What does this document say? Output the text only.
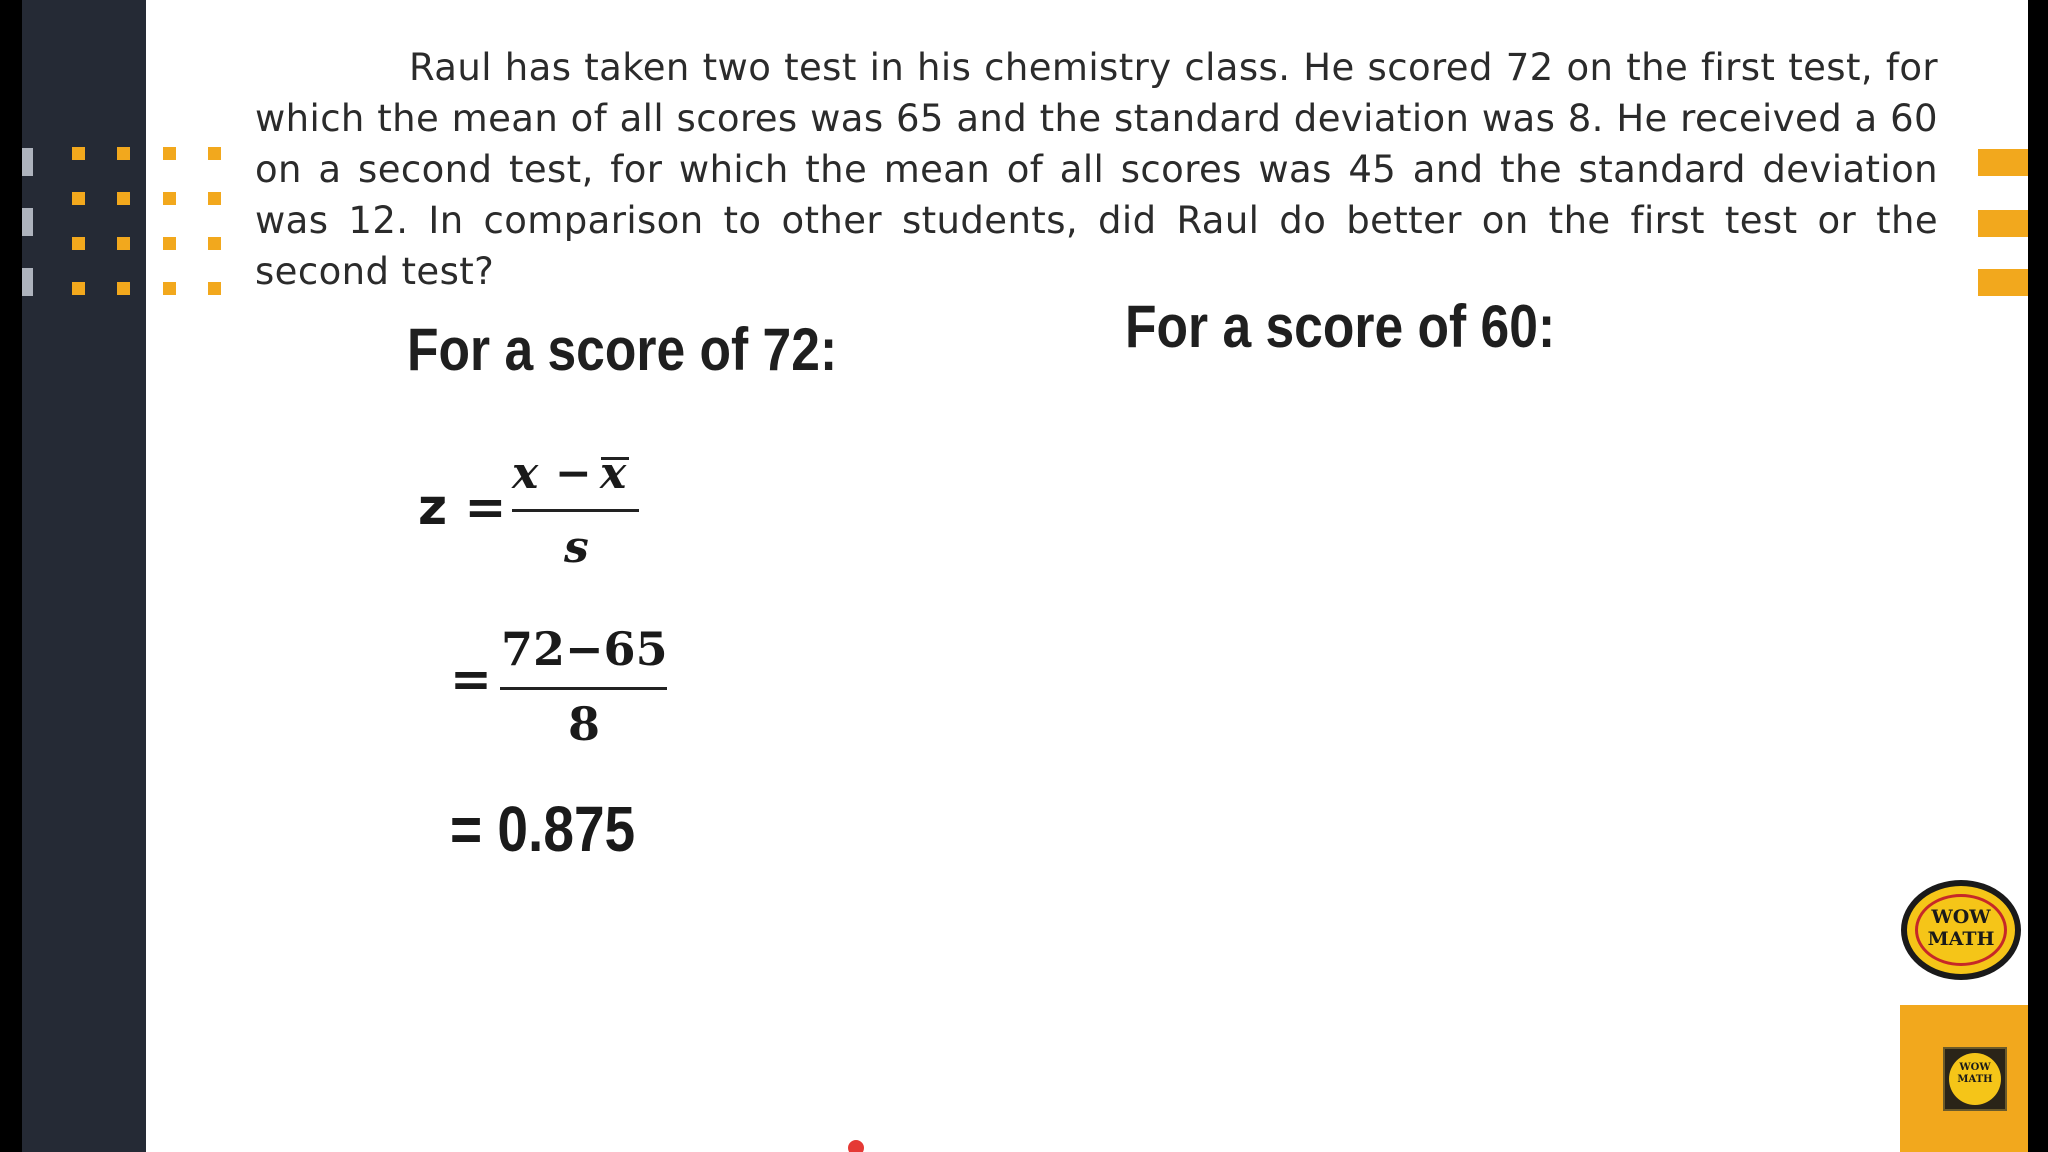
Raul has taken two test in his chemistry class. He scored 72 on the first test, for which the mean of all scores was 65 and the standard deviation was 8. He received a 60 on a second test, for which the mean of all scores was 45 and the standard deviation was 12. In comparison to other students, did Raul do better on the first test or the second test?

For a score of 72:	For a score of 60:
z =
x − x
s
=
72−65
8
= 0.875
WOW
MATH
WOW
MATH
